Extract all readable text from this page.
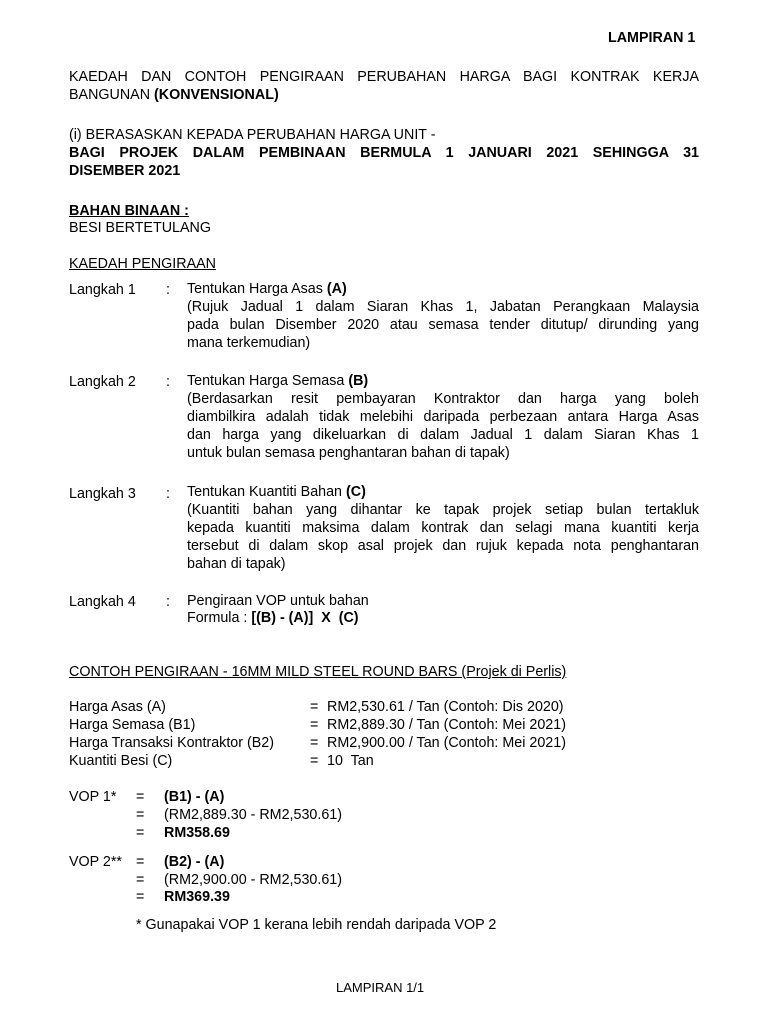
LAMPIRAN 1
KAEDAH DAN CONTOH PENGIRAAN PERUBAHAN HARGA BAGI KONTRAK KERJA
BANGUNAN (KONVENSIONAL)
(i) BERASASKAN KEPADA PERUBAHAN HARGA UNIT -
BAGI PROJEK DALAM PEMBINAAN BERMULA 1 JANUARI 2021 SEHINGGA 31
DISEMBER 2021
BAHAN BINAAN :
BESI BERTETULANG
KAEDAH PENGIRAAN
Langkah 1 : Tentukan Harga Asas (A)
(Rujuk Jadual 1 dalam Siaran Khas 1, Jabatan Perangkaan Malaysia
pada bulan Disember 2020 atau semasa tender ditutup/ dirunding yang
mana terkemudian)
Langkah 2 : Tentukan Harga Semasa (B)
(Berdasarkan resit pembayaran Kontraktor dan harga yang boleh
diambilkira adalah tidak melebihi daripada perbezaan antara Harga Asas
dan harga yang dikeluarkan di dalam Jadual 1 dalam Siaran Khas 1
untuk bulan semasa penghantaran bahan di tapak)
Langkah 3 : Tentukan Kuantiti Bahan (C)
(Kuantiti bahan yang dihantar ke tapak projek setiap bulan tertakluk
kepada kuantiti maksima dalam kontrak dan selagi mana kuantiti kerja
tersebut di dalam skop asal projek dan rujuk kepada nota penghantaran
bahan di tapak)
Langkah 4 : Pengiraan VOP untuk bahan
Formula : [(B) - (A)]  X  (C)
CONTOH PENGIRAAN - 16MM MILD STEEL ROUND BARS (Projek di Perlis)
Harga Asas (A)	= RM2,530.61 / Tan (Contoh: Dis 2020)
Harga Semasa (B1)	= RM2,889.30 / Tan (Contoh: Mei 2021)
Harga Transaksi Kontraktor (B2)	= RM2,900.00 / Tan (Contoh: Mei 2021)
Kuantiti Besi (C)	= 10  Tan
VOP 1* = (B1) - (A)
= (RM2,889.30 - RM2,530.61)
= RM358.69
VOP 2** = (B2) - (A)
= (RM2,900.00 - RM2,530.61)
= RM369.39
* Gunapakai VOP 1 kerana lebih rendah daripada VOP 2
LAMPIRAN 1/1
